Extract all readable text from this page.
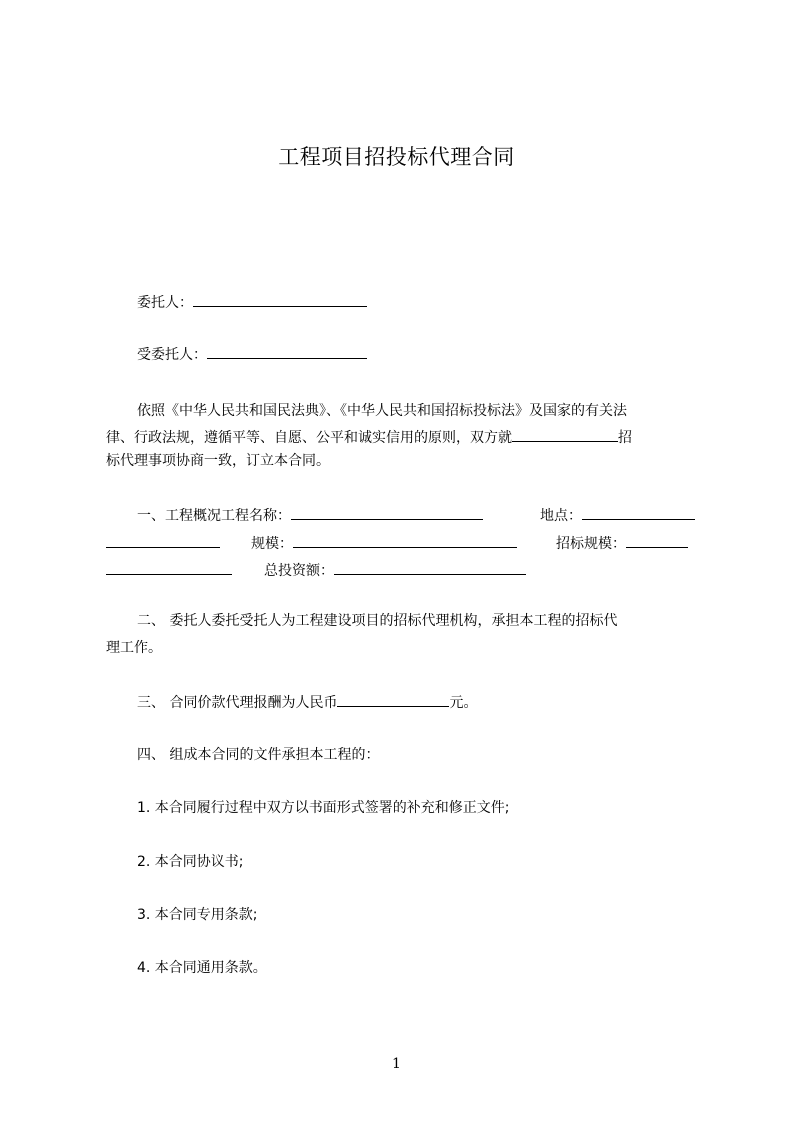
工程项目招投标代理合同
委托人：
受委托人：
依照《中华人民共和国民法典》、《中华人民共和国招标投标法》及国家的有关法
律、行政法规，遵循平等、自愿、公平和诚实信用的原则，双方就	招
标代理事项协商一致，订立本合同。
一、工程概况工程名称：	地点：
规模：	招标规模：
总投资额：
二、 委托人委托受托人为工程建设项目的招标代理机构，承担本工程的招标代
理工作。
三、 合同价款代理报酬为人民币	元。
四、 组成本合同的文件承担本工程的：
1. 本合同履行过程中双方以书面形式签署的补充和修正文件;
2. 本合同协议书;
3. 本合同专用条款;
4. 本合同通用条款。
1
